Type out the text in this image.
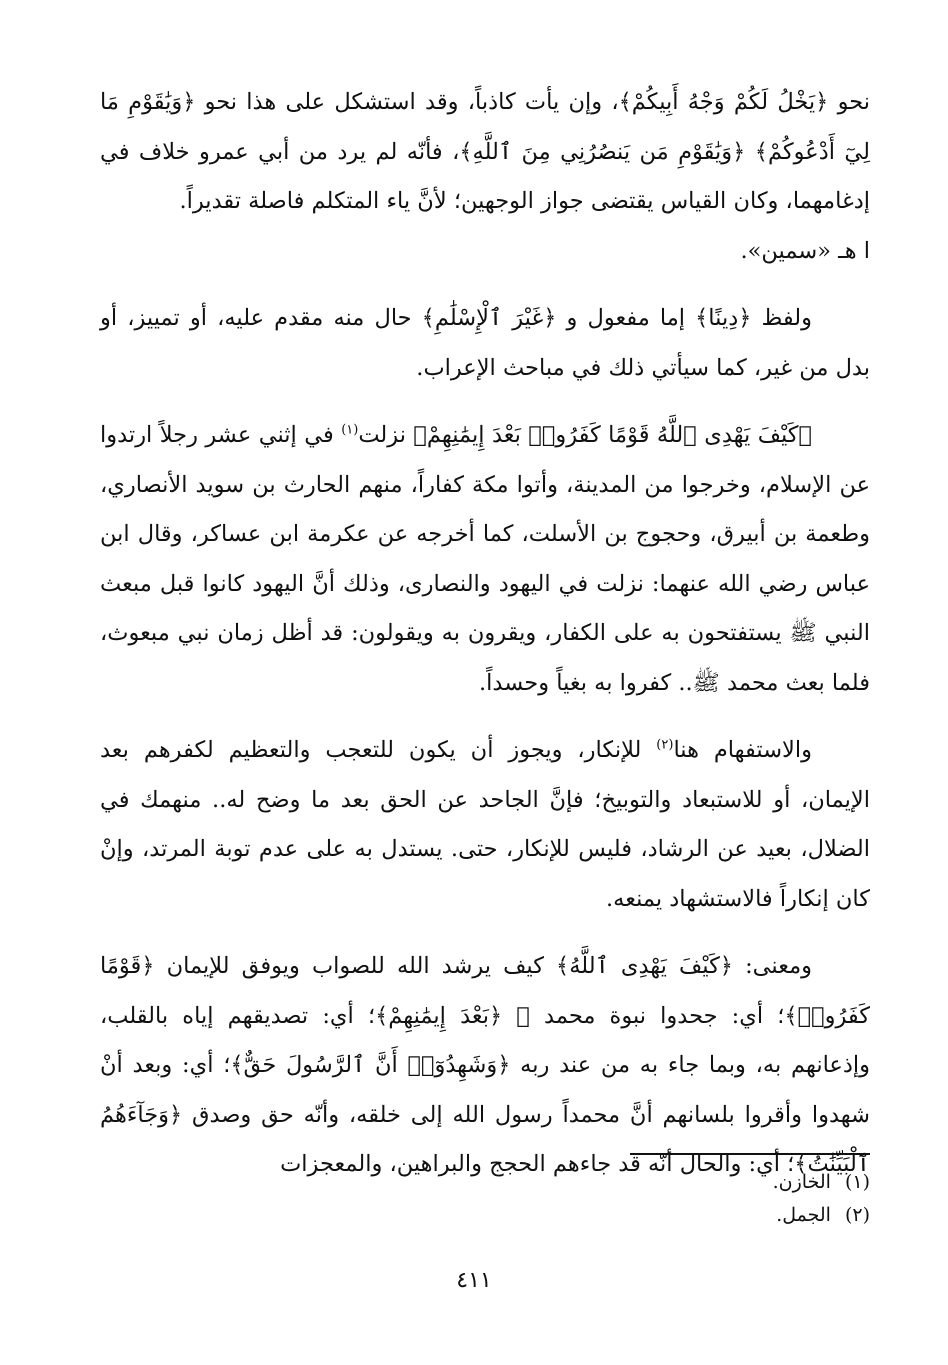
نحو ﴿يَخْلُ لَكُمْ وَجْهُ أَبِيكُمْ﴾، وإن يأت كاذباً، وقد استشكل على هذا نحو ﴿وَيَٰقَوْمِ مَا لِيٓ أَدْعُوكُمْ﴾ ﴿وَيَٰقَوْمِ مَن يَنصُرُنِي مِنَ ٱللَّهِ﴾، فأنّه لم يرد من أبي عمرو خلاف في إدغامهما، وكان القياس يقتضى جواز الوجهين؛ لأنَّ ياء المتكلم فاصلة تقديراً.
ا هـ «سمين».

ولفظ ﴿دِينًا﴾ إما مفعول و ﴿غَيْرَ ٱلْإِسْلَٰمِ﴾ حال منه مقدم عليه، أو تمييز، أو بدل من غير، كما سيأتي ذلك في مباحث الإعراب.

﴿كَيْفَ يَهْدِى ٱللَّهُ قَوْمًا كَفَرُوا۟ بَعْدَ إِيمَٰنِهِمْ﴾ نزلت$^{(١)}$ في إثني عشر رجلاً ارتدوا عن الإسلام، وخرجوا من المدينة، وأتوا مكة كفاراً، منهم الحارث بن سويد الأنصاري، وطعمة بن أبيرق، وحجوج بن الأسلت، كما أخرجه عن عكرمة ابن عساكر، وقال ابن عباس رضي الله عنهما: نزلت في اليهود والنصارى، وذلك أنَّ اليهود كانوا قبل مبعث النبي ﷺ يستفتحون به على الكفار، ويقرون به ويقولون: قد أظل زمان نبي مبعوث، فلما بعث محمد ﷺ.. كفروا به بغياً وحسداً.

والاستفهام هنا$^{(٢)}$ للإنكار، ويجوز أن يكون للتعجب والتعظيم لكفرهم بعد الإيمان، أو للاستبعاد والتوبيخ؛ فإنَّ الجاحد عن الحق بعد ما وضح له.. منهمك في الضلال، بعيد عن الرشاد، فليس للإنكار، حتى. يستدل به على عدم توبة المرتد، وإنْ كان إنكاراً فالاستشهاد يمنعه.

ومعنى: ﴿كَيْفَ يَهْدِى ٱللَّهُ﴾ كيف يرشد الله للصواب ويوفق للإيمان ﴿قَوْمًا كَفَرُوا۟﴾؛ أي: جحدوا نبوة محمد ﷺ ﴿بَعْدَ إِيمَٰنِهِمْ﴾؛ أي: تصديقهم إياه بالقلب، وإذعانهم به، وبما جاء به من عند ربه ﴿وَشَهِدُوٓا۟ أَنَّ ٱلرَّسُولَ حَقٌّ﴾؛ أي: وبعد أنْ شهدوا وأقروا بلسانهم أنَّ محمداً رسول الله إلى خلقه، وأنّه حق وصدق ﴿وَجَآءَهُمُ ٱلْبَيِّنَٰتُ﴾؛ أي: والحال أنّه قد جاءهم الحجج والبراهين، والمعجزات

(١)الخازن.
(٢)الجمل.
٤١١
